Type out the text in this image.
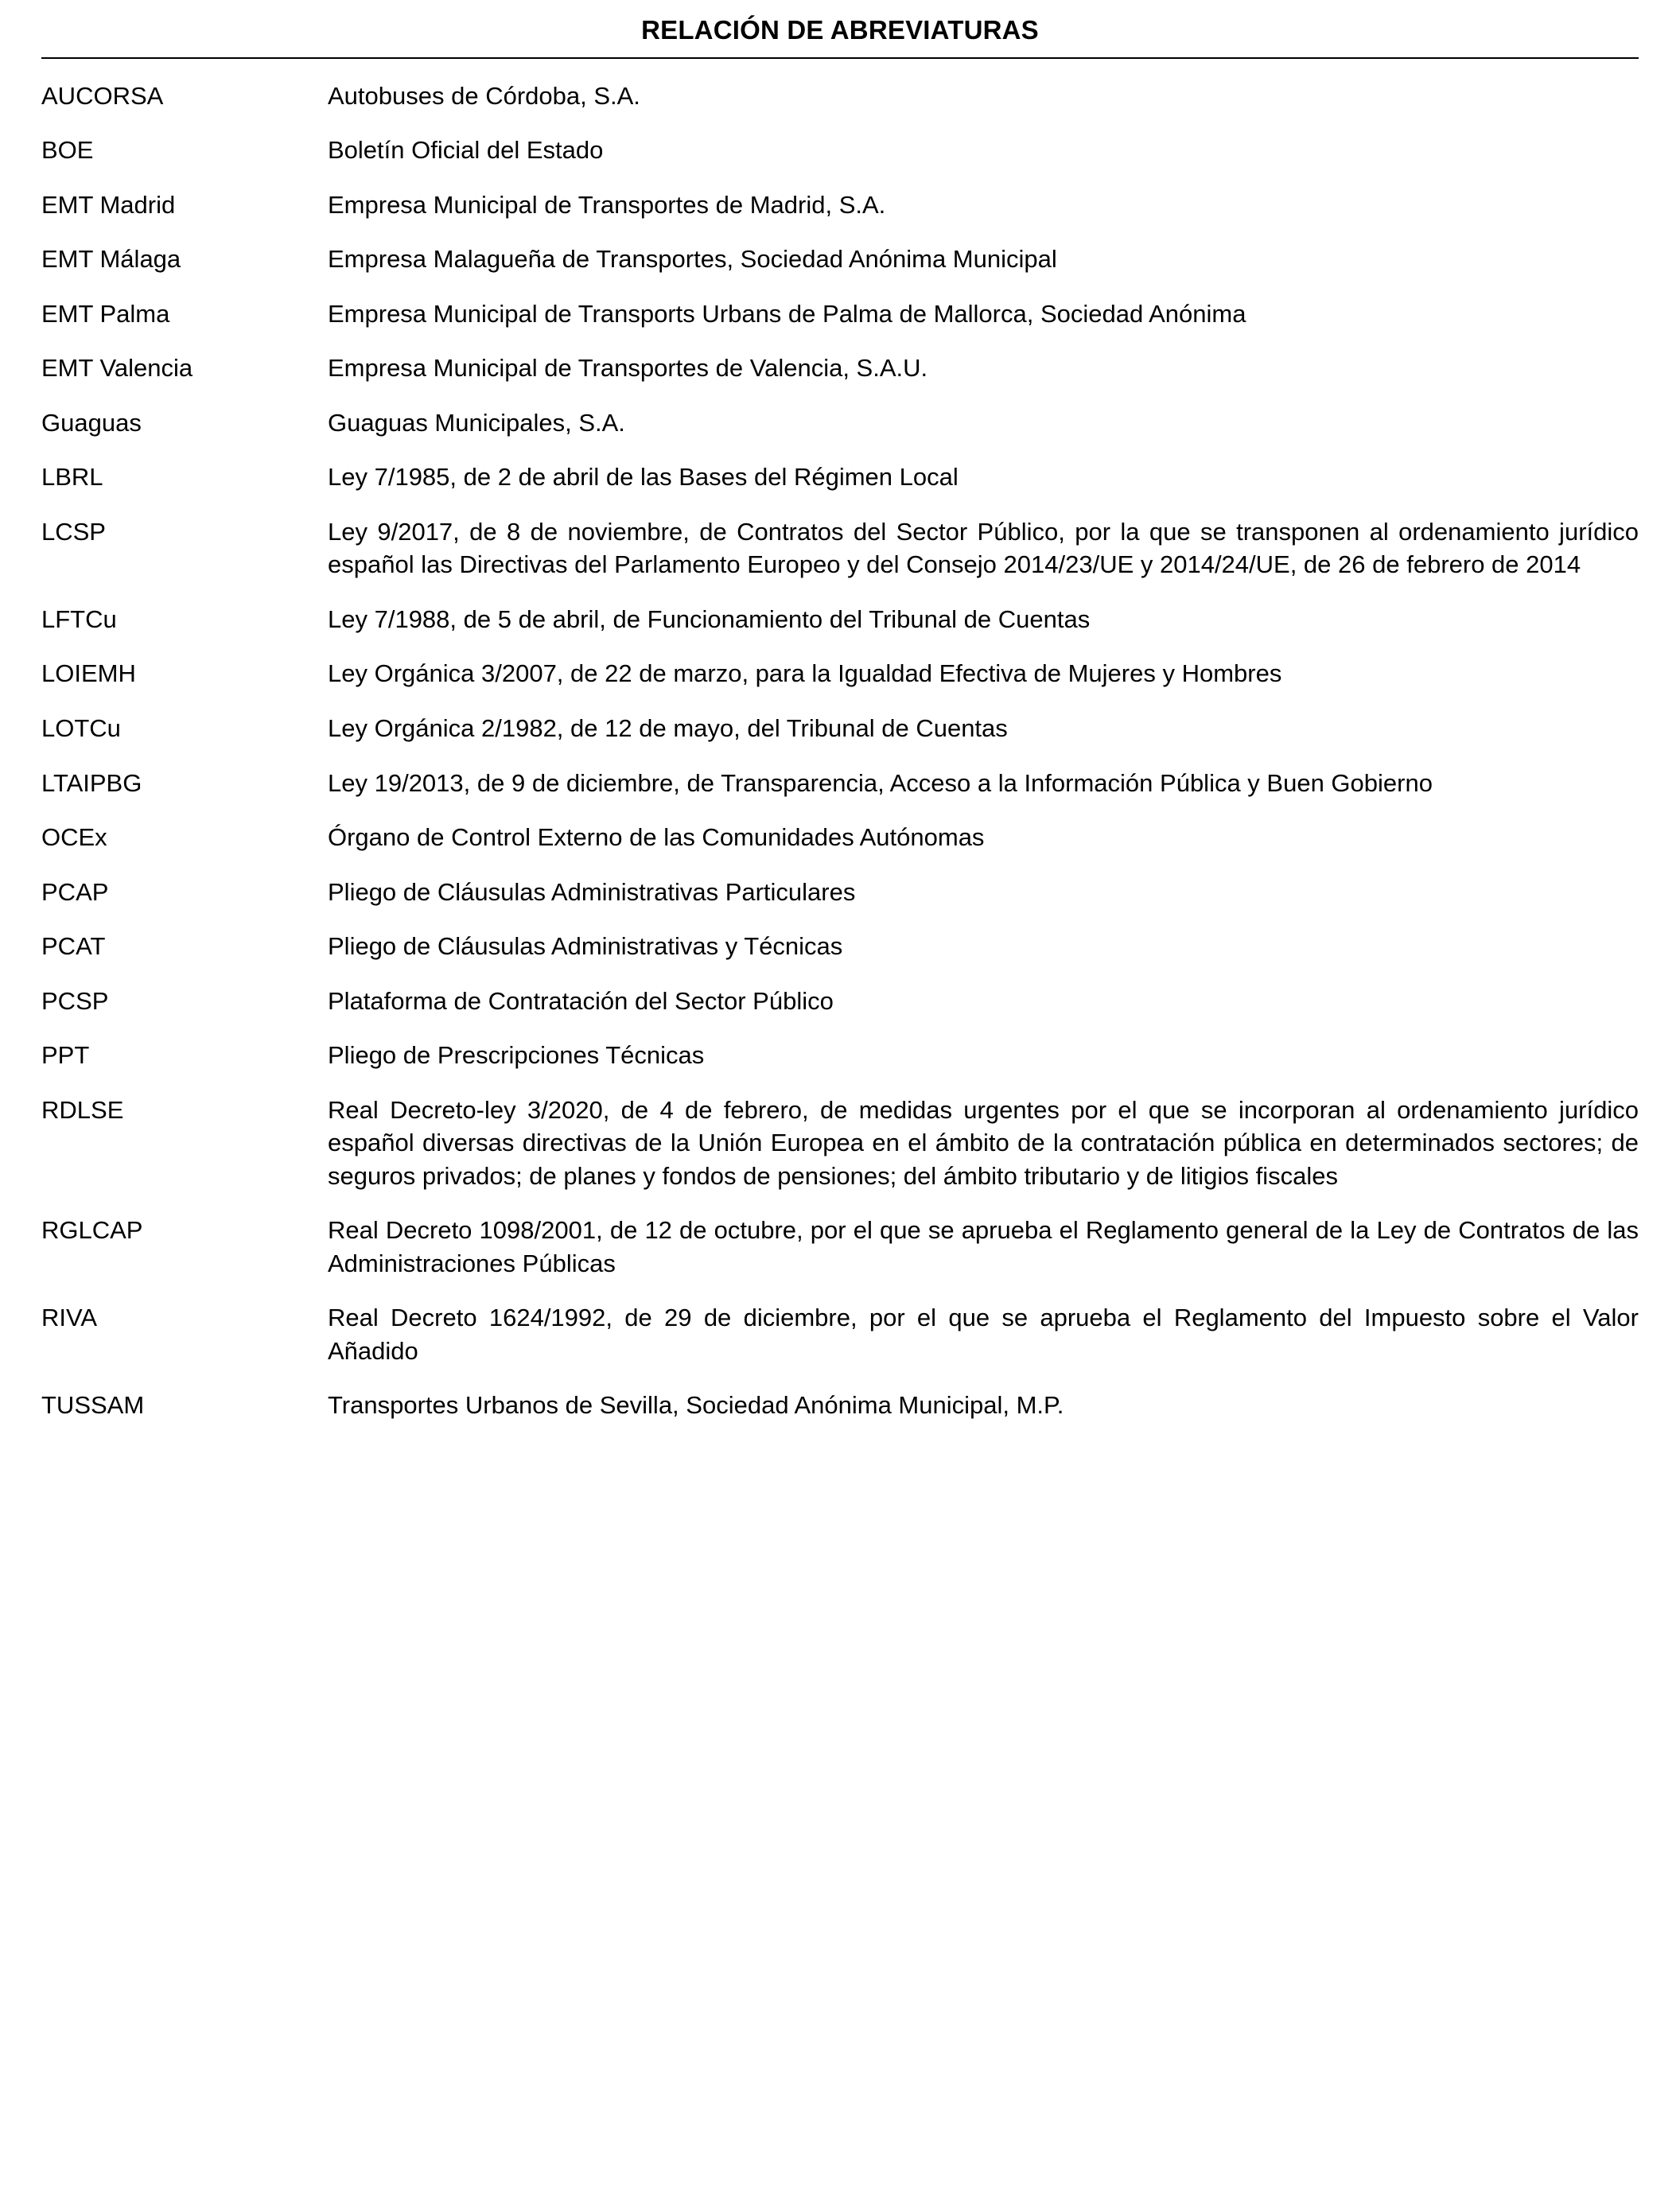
RELACIÓN DE ABREVIATURAS
AUCORSA	Autobuses de Córdoba, S.A.
BOE	Boletín Oficial del Estado
EMT Madrid	Empresa Municipal de Transportes de Madrid, S.A.
EMT Málaga	Empresa Malagueña de Transportes, Sociedad Anónima Municipal
EMT Palma	Empresa Municipal de Transports Urbans de Palma de Mallorca, Sociedad Anónima
EMT Valencia	Empresa Municipal de Transportes de Valencia, S.A.U.
Guaguas	Guaguas Municipales, S.A.
LBRL	Ley 7/1985, de 2 de abril de las Bases del Régimen Local
LCSP	Ley 9/2017, de 8 de noviembre, de Contratos del Sector Público, por la que se transponen al ordenamiento jurídico español las Directivas del Parlamento Europeo y del Consejo 2014/23/UE y 2014/24/UE, de 26 de febrero de 2014
LFTCu	Ley 7/1988, de 5 de abril, de Funcionamiento del Tribunal de Cuentas
LOIEMH	Ley Orgánica 3/2007, de 22 de marzo, para la Igualdad Efectiva de Mujeres y Hombres
LOTCu	Ley Orgánica 2/1982, de 12 de mayo, del Tribunal de Cuentas
LTAIPBG	Ley 19/2013, de 9 de diciembre, de Transparencia, Acceso a la Información Pública y Buen Gobierno
OCEx	Órgano de Control Externo de las Comunidades Autónomas
PCAP	Pliego de Cláusulas Administrativas Particulares
PCAT	Pliego de Cláusulas Administrativas y Técnicas
PCSP	Plataforma de Contratación del Sector Público
PPT	Pliego de Prescripciones Técnicas
RDLSE	Real Decreto-ley 3/2020, de 4 de febrero, de medidas urgentes por el que se incorporan al ordenamiento jurídico español diversas directivas de la Unión Europea en el ámbito de la contratación pública en determinados sectores; de seguros privados; de planes y fondos de pensiones; del ámbito tributario y de litigios fiscales
RGLCAP	Real Decreto 1098/2001, de 12 de octubre, por el que se aprueba el Reglamento general de la Ley de Contratos de las Administraciones Públicas
RIVA	Real Decreto 1624/1992, de 29 de diciembre, por el que se aprueba el Reglamento del Impuesto sobre el Valor Añadido
TUSSAM	Transportes Urbanos de Sevilla, Sociedad Anónima Municipal, M.P.
